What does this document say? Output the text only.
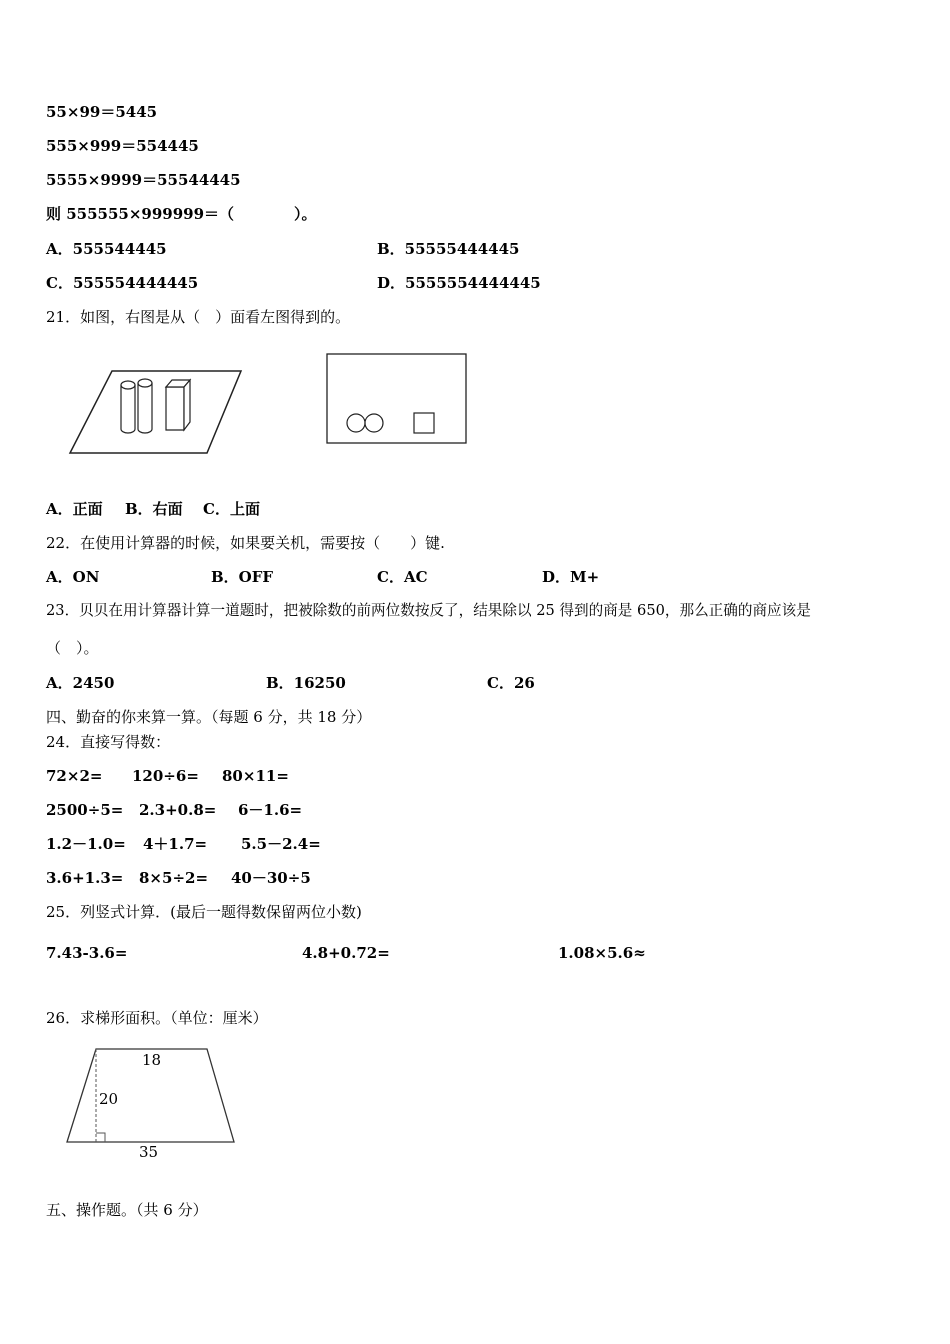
55×99＝5445
555×999＝554445
5555×9999＝55544445
则 555555×999999＝（　　　　）。
A．555544445	B．55555444445
C．555554444445	D．5555554444445
21．如图，右图是从（　）面看左图得到的。
A．正面 B．右面 C．上面
22．在使用计算器的时候，如果要关机，需要按（　　）键.
A．ON	B．OFF	C．AC	D．M+
23．贝贝在用计算器计算一道题时，把被除数的前两位数按反了，结果除以 25 得到的商是 650，那么正确的商应该是
（　）。
A．2450	B．16250	C．26
四、勤奋的你来算一算。（每题 6 分，共 18 分）
24．直接写得数：
72×2= 120÷6= 80×11=
2500÷5= 2.3+0.8= 6－1.6=
1.2－1.0= 4＋1.7= 5.5－2.4=
3.6+1.3= 8×5÷2= 40－30÷5
25．列竖式计算．(最后一题得数保留两位小数)
7.43-3.6=	4.8+0.72=	1.08×5.6≈
26．求梯形面积。（单位：厘米）
18
20
35
五、操作题。（共 6 分）
